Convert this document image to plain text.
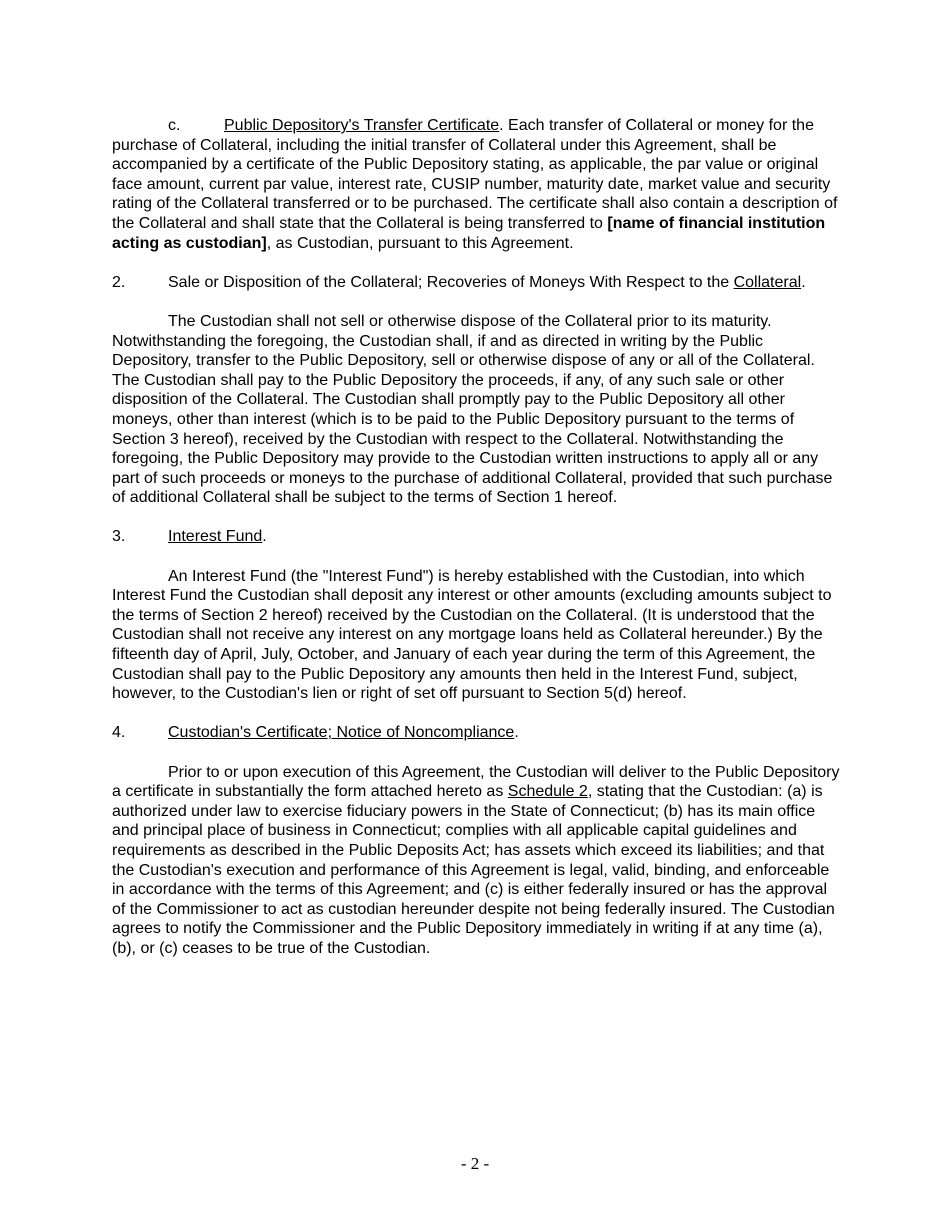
c.	Public Depository's Transfer Certificate. Each transfer of Collateral or money for the purchase of Collateral, including the initial transfer of Collateral under this Agreement, shall be accompanied by a certificate of the Public Depository stating, as applicable, the par value or original face amount, current par value, interest rate, CUSIP number, maturity date, market value and security rating of the Collateral transferred or to be purchased. The certificate shall also contain a description of the Collateral and shall state that the Collateral is being transferred to [name of financial institution acting as custodian], as Custodian, pursuant to this Agreement.

2.	Sale or Disposition of the Collateral; Recoveries of Moneys With Respect to the Collateral.

The Custodian shall not sell or otherwise dispose of the Collateral prior to its maturity. Notwithstanding the foregoing, the Custodian shall, if and as directed in writing by the Public Depository, transfer to the Public Depository, sell or otherwise dispose of any or all of the Collateral. The Custodian shall pay to the Public Depository the proceeds, if any, of any such sale or other disposition of the Collateral. The Custodian shall promptly pay to the Public Depository all other moneys, other than interest (which is to be paid to the Public Depository pursuant to the terms of Section 3 hereof), received by the Custodian with respect to the Collateral. Notwithstanding the foregoing, the Public Depository may provide to the Custodian written instructions to apply all or any part of such proceeds or moneys to the purchase of additional Collateral, provided that such purchase of additional Collateral shall be subject to the terms of Section 1 hereof.

3.	Interest Fund.

An Interest Fund (the "Interest Fund") is hereby established with the Custodian, into which Interest Fund the Custodian shall deposit any interest or other amounts (excluding amounts subject to the terms of Section 2 hereof) received by the Custodian on the Collateral. (It is understood that the Custodian shall not receive any interest on any mortgage loans held as Collateral hereunder.) By the fifteenth day of April, July, October, and January of each year during the term of this Agreement, the Custodian shall pay to the Public Depository any amounts then held in the Interest Fund, subject, however, to the Custodian's lien or right of set off pursuant to Section 5(d) hereof.

4.	Custodian's Certificate; Notice of Noncompliance.

Prior to or upon execution of this Agreement, the Custodian will deliver to the Public Depository a certificate in substantially the form attached hereto as Schedule 2, stating that the Custodian: (a) is authorized under law to exercise fiduciary powers in the State of Connecticut; (b) has its main office and principal place of business in Connecticut; complies with all applicable capital guidelines and requirements as described in the Public Deposits Act; has assets which exceed its liabilities; and that the Custodian's execution and performance of this Agreement is legal, valid, binding, and enforceable in accordance with the terms of this Agreement; and (c) is either federally insured or has the approval of the Commissioner to act as custodian hereunder despite not being federally insured. The Custodian agrees to notify the Commissioner and the Public Depository immediately in writing if at any time (a), (b), or (c) ceases to be true of the Custodian.

- 2 -
